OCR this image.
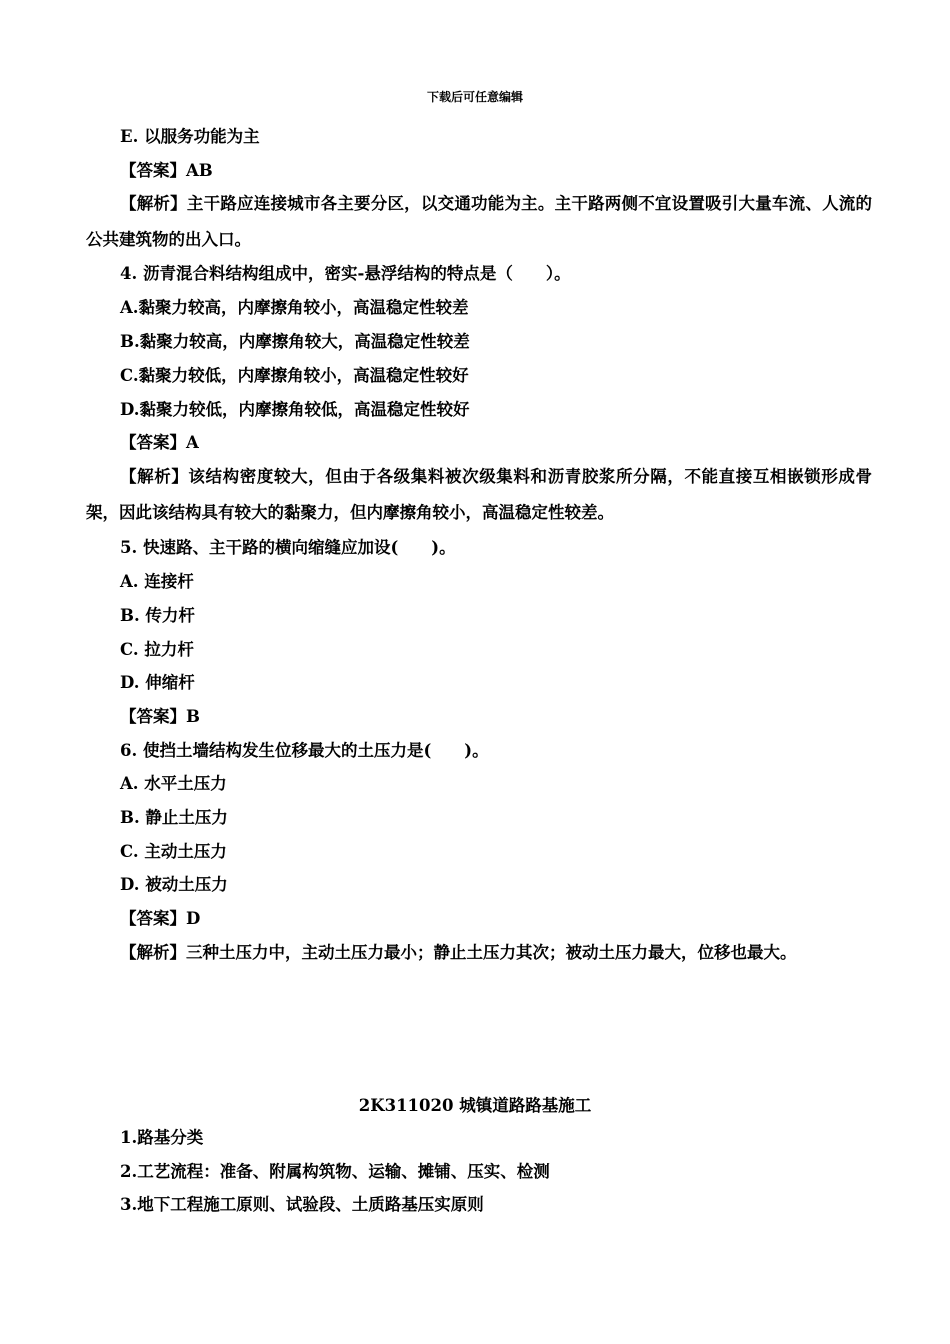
下载后可任意编辑
E. 以服务功能为主
【答案】AB
【解析】主干路应连接城市各主要分区，以交通功能为主。主干路两侧不宜设置吸引大量车流、人流的公共建筑物的出入口。
4. 沥青混合料结构组成中，密实-悬浮结构的特点是（　　）。
A.黏聚力较高，内摩擦角较小，高温稳定性较差
B.黏聚力较高，内摩擦角较大，高温稳定性较差
C.黏聚力较低，内摩擦角较小，高温稳定性较好
D.黏聚力较低，内摩擦角较低，高温稳定性较好
【答案】A
【解析】该结构密度较大，但由于各级集料被次级集料和沥青胶浆所分隔，不能直接互相嵌锁形成骨架，因此该结构具有较大的黏聚力，但内摩擦角较小，高温稳定性较差。
5. 快速路、主干路的横向缩缝应加设(　　)。
A. 连接杆
B. 传力杆
C. 拉力杆
D. 伸缩杆
【答案】B
6. 使挡土墙结构发生位移最大的土压力是(　　)。
A. 水平土压力
B. 静止土压力
C. 主动土压力
D. 被动土压力
【答案】D
【解析】三种土压力中，主动土压力最小；静止土压力其次；被动土压力最大，位移也最大。
2K311020 城镇道路路基施工
1.路基分类
2.工艺流程：准备、附属构筑物、运输、摊铺、压实、检测
3.地下工程施工原则、试验段、土质路基压实原则
